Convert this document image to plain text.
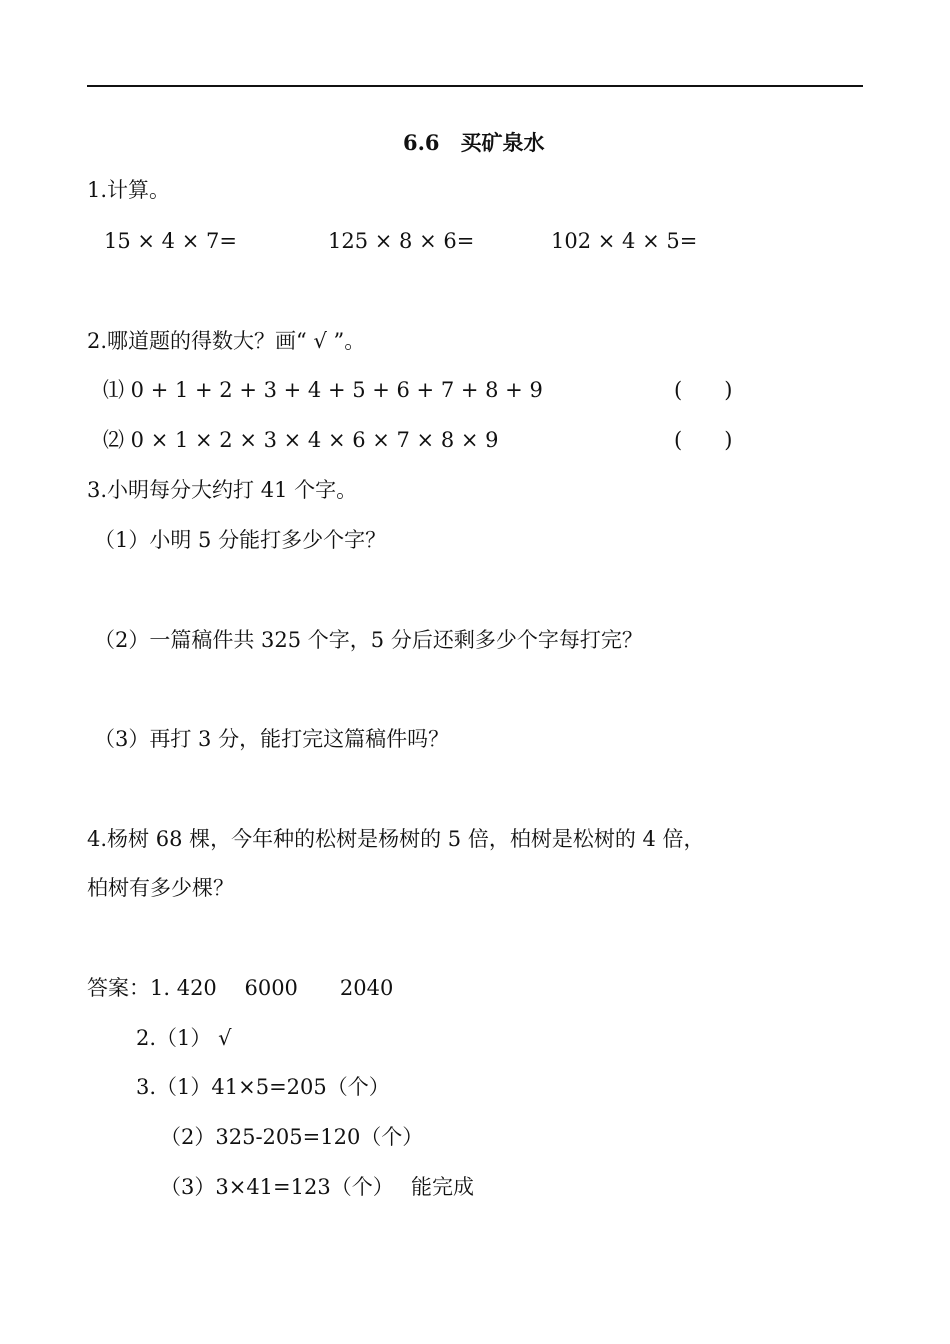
6.6　买矿泉水
1.计算。
15 × 4 × 7=	125 × 8 × 6=	102 × 4 × 5=
2.哪道题的得数大？画“ √ ”。
⑴ 0 + 1 + 2 + 3 + 4 + 5 + 6 + 7 + 8 + 9	(　　)
⑵ 0 × 1 × 2 × 3 × 4 × 6 × 7 × 8 × 9	(　　)
3.小明每分大约打 41 个字。
（1）小明 5 分能打多少个字？
（2）一篇稿件共 325 个字，5 分后还剩多少个字每打完？
（3）再打 3 分，能打完这篇稿件吗？
4.杨树 68 棵，今年种的松树是杨树的 5 倍，柏树是松树的 4 倍，
柏树有多少棵？
答案：1. 420　 6000　　2040
2.（1） √
3.（1）41×5=205（个）
（2）325-205=120（个）
（3）3×41=123（个） 能完成
